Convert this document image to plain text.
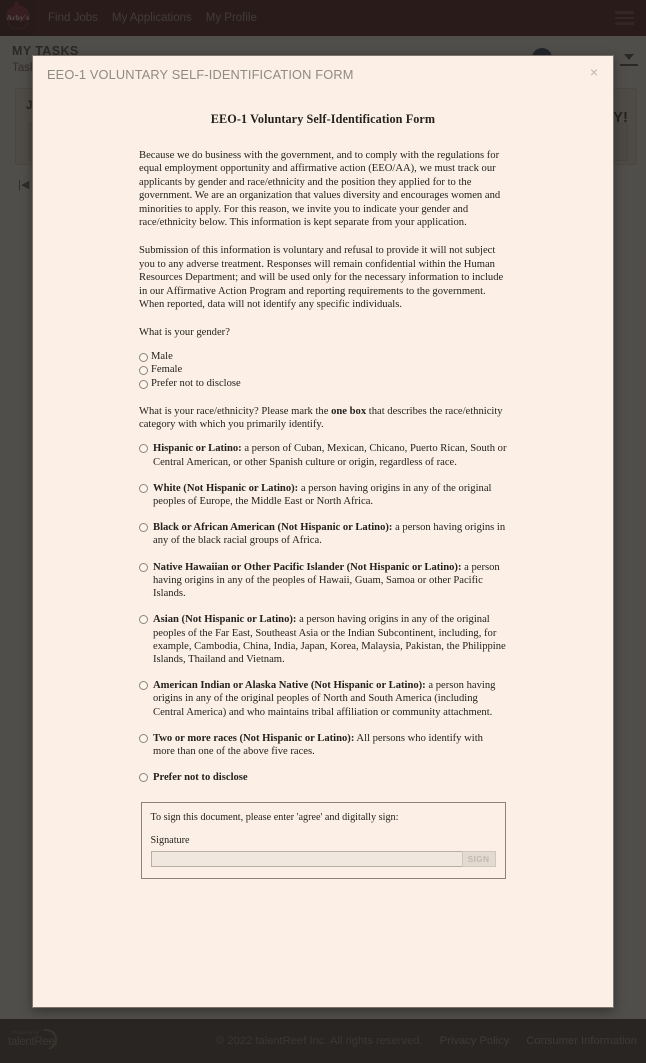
EEO-1 VOLUNTARY SELF-IDENTIFICATION FORM	×
EEO-1 Voluntary Self-Identification Form

Because we do business with the government, and to comply with the regulations for equal employment opportunity and affirmative action (EEO/AA), we must track our applicants by gender and race/ethnicity and the position they applied for to the government. We are an organization that values diversity and encourages women and minorities to apply. For this reason, we invite you to indicate your gender and race/ethnicity below. This information is kept separate from your application.

Submission of this information is voluntary and refusal to provide it will not subject you to any adverse treatment. Responses will remain confidential within the Human Resources Department; and will be used only for the necessary information to include in our Affirmative Action Program and reporting requirements to the government. When reported, data will not identify any specific individuals.

What is your gender?

Male
Female
Prefer not to disclose

What is your race/ethnicity? Please mark the one box that describes the race/ethnicity category with which you primarily identify.

Hispanic or Latino: a person of Cuban, Mexican, Chicano, Puerto Rican, South or Central American, or other Spanish culture or origin, regardless of race.
White (Not Hispanic or Latino): a person having origins in any of the original peoples of Europe, the Middle East or North Africa.
Black or African American (Not Hispanic or Latino): a person having origins in any of the black racial groups of Africa.
Native Hawaiian or Other Pacific Islander (Not Hispanic or Latino): a person having origins in any of the peoples of Hawaii, Guam, Samoa or other Pacific Islands.
Asian (Not Hispanic or Latino): a person having origins in any of the original peoples of the Far East, Southeast Asia or the Indian Subcontinent, including, for example, Cambodia, China, India, Japan, Korea, Malaysia, Pakistan, the Philippine Islands, Thailand and Vietnam.
American Indian or Alaska Native (Not Hispanic or Latino): a person having origins in any of the original peoples of North and South America (including Central America) and who maintains tribal affiliation or community attachment.
Two or more races (Not Hispanic or Latino): All persons who identify with more than one of the above five races.
Prefer not to disclose

To sign this document, please enter 'agree' and digitally sign:

Signature
SIGN
